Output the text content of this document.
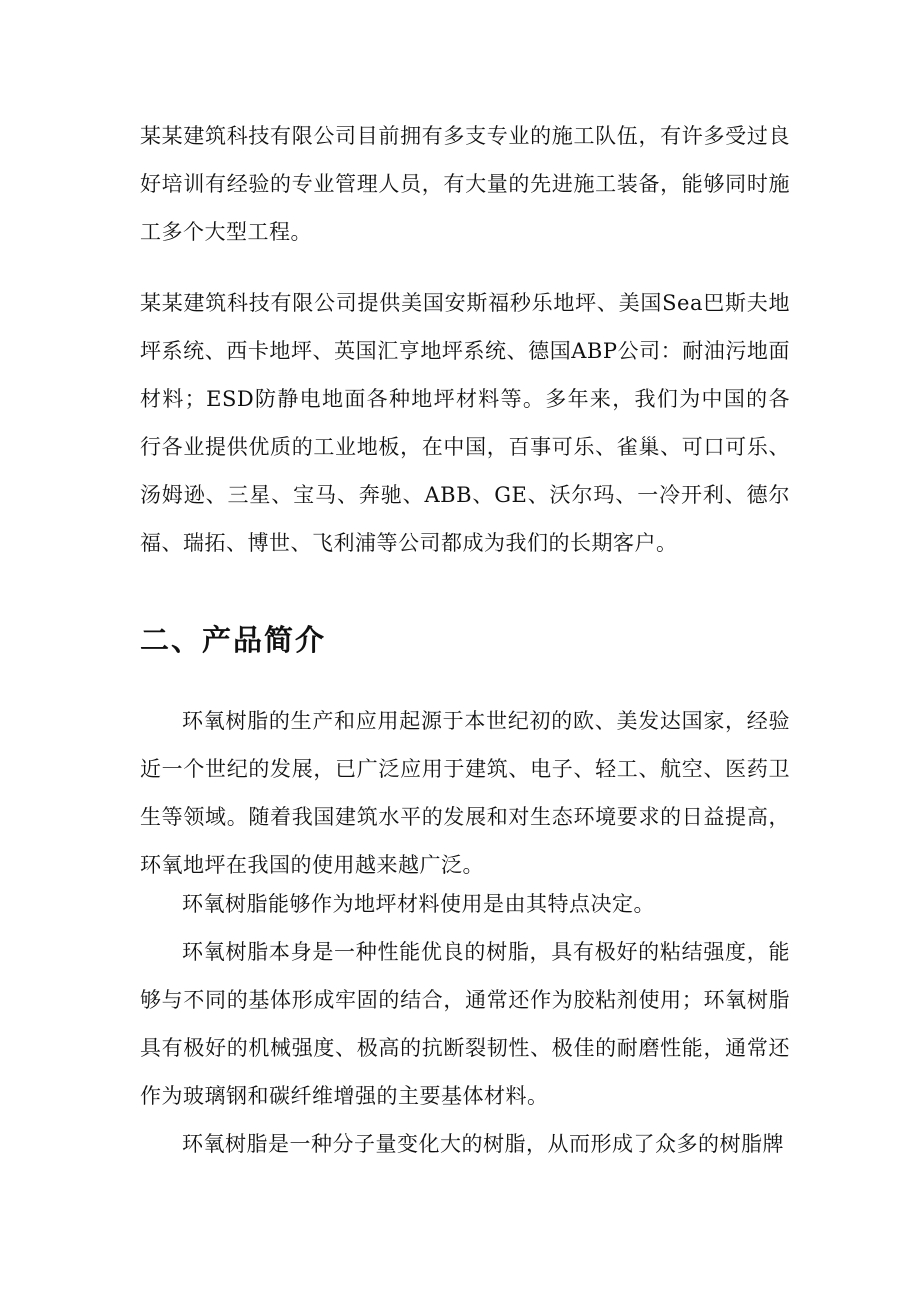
某某建筑科技有限公司目前拥有多支专业的施工队伍，有许多受过良好培训有经验的专业管理人员，有大量的先进施工装备，能够同时施工多个大型工程。

某某建筑科技有限公司提供美国安斯福秒乐地坪、美国Sea巴斯夫地坪系统、西卡地坪、英国汇亨地坪系统、德国ABP公司：耐油污地面材料；ESD防静电地面各种地坪材料等。多年来，我们为中国的各行各业提供优质的工业地板，在中国，百事可乐、雀巢、可口可乐、汤姆逊、三星、宝马、奔驰、ABB、GE、沃尔玛、一冷开利、德尔福、瑞拓、博世、飞利浦等公司都成为我们的长期客户。

二、产品简介

环氧树脂的生产和应用起源于本世纪初的欧、美发达国家，经验近一个世纪的发展，已广泛应用于建筑、电子、轻工、航空、医药卫生等领域。随着我国建筑水平的发展和对生态环境要求的日益提高，环氧地坪在我国的使用越来越广泛。

环氧树脂能够作为地坪材料使用是由其特点决定。

环氧树脂本身是一种性能优良的树脂，具有极好的粘结强度，能够与不同的基体形成牢固的结合，通常还作为胶粘剂使用；环氧树脂具有极好的机械强度、极高的抗断裂韧性、极佳的耐磨性能，通常还作为玻璃钢和碳纤维增强的主要基体材料。

环氧树脂是一种分子量变化大的树脂，从而形成了众多的树脂牌
